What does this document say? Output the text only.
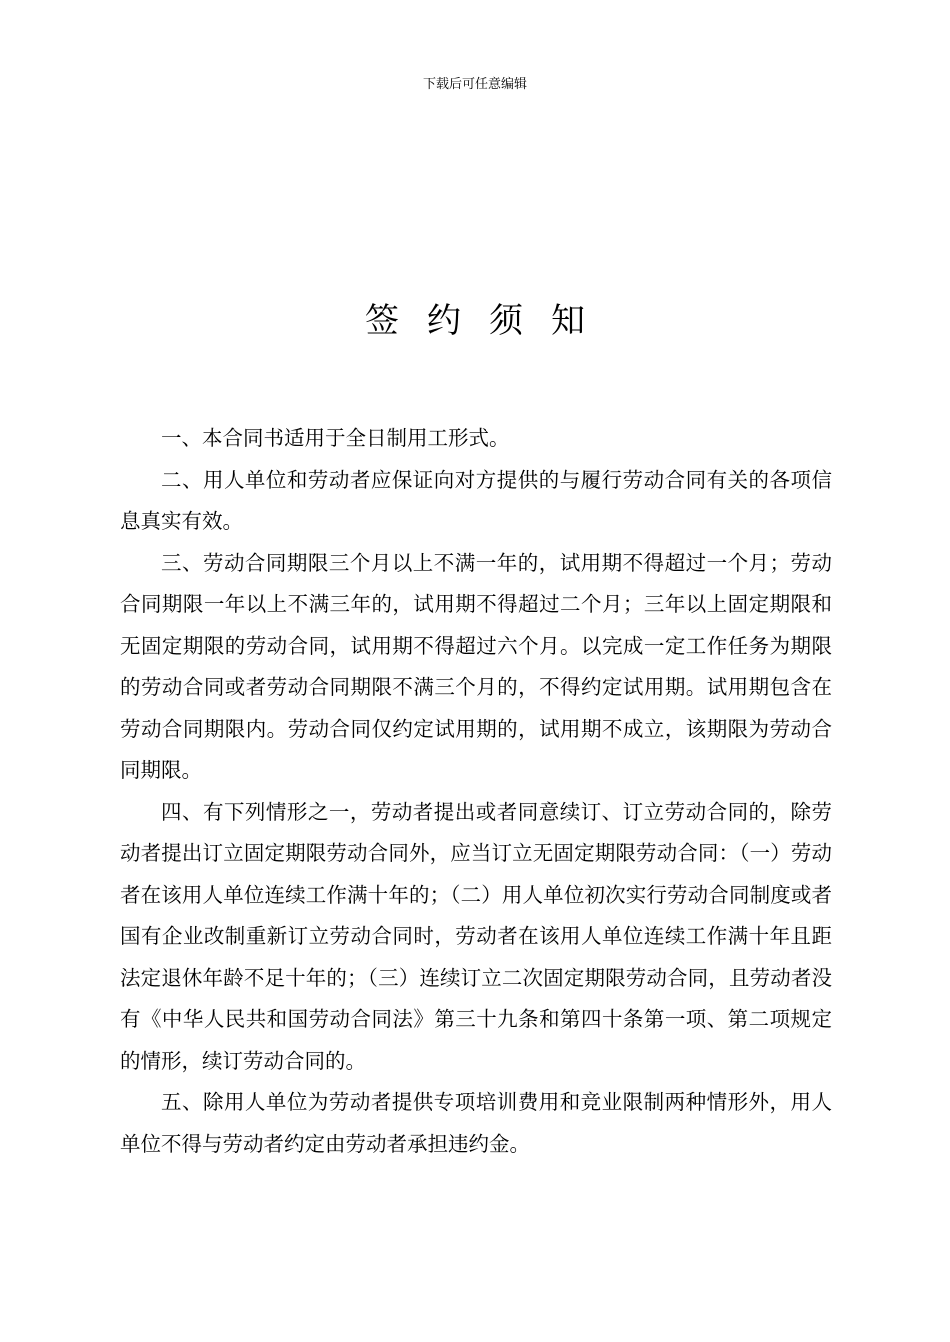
下载后可任意编辑
签约须知

一、本合同书适用于全日制用工形式。

二、用人单位和劳动者应保证向对方提供的与履行劳动合同有关的各项信息真实有效。

三、劳动合同期限三个月以上不满一年的，试用期不得超过一个月；劳动合同期限一年以上不满三年的，试用期不得超过二个月；三年以上固定期限和无固定期限的劳动合同，试用期不得超过六个月。以完成一定工作任务为期限的劳动合同或者劳动合同期限不满三个月的，不得约定试用期。试用期包含在劳动合同期限内。劳动合同仅约定试用期的，试用期不成立，该期限为劳动合同期限。

四、有下列情形之一，劳动者提出或者同意续订、订立劳动合同的，除劳动者提出订立固定期限劳动合同外，应当订立无固定期限劳动合同：（一）劳动者在该用人单位连续工作满十年的；（二）用人单位初次实行劳动合同制度或者国有企业改制重新订立劳动合同时，劳动者在该用人单位连续工作满十年且距法定退休年龄不足十年的；（三）连续订立二次固定期限劳动合同，且劳动者没有《中华人民共和国劳动合同法》第三十九条和第四十条第一项、第二项规定的情形，续订劳动合同的。

五、除用人单位为劳动者提供专项培训费用和竞业限制两种情形外，用人单位不得与劳动者约定由劳动者承担违约金。
